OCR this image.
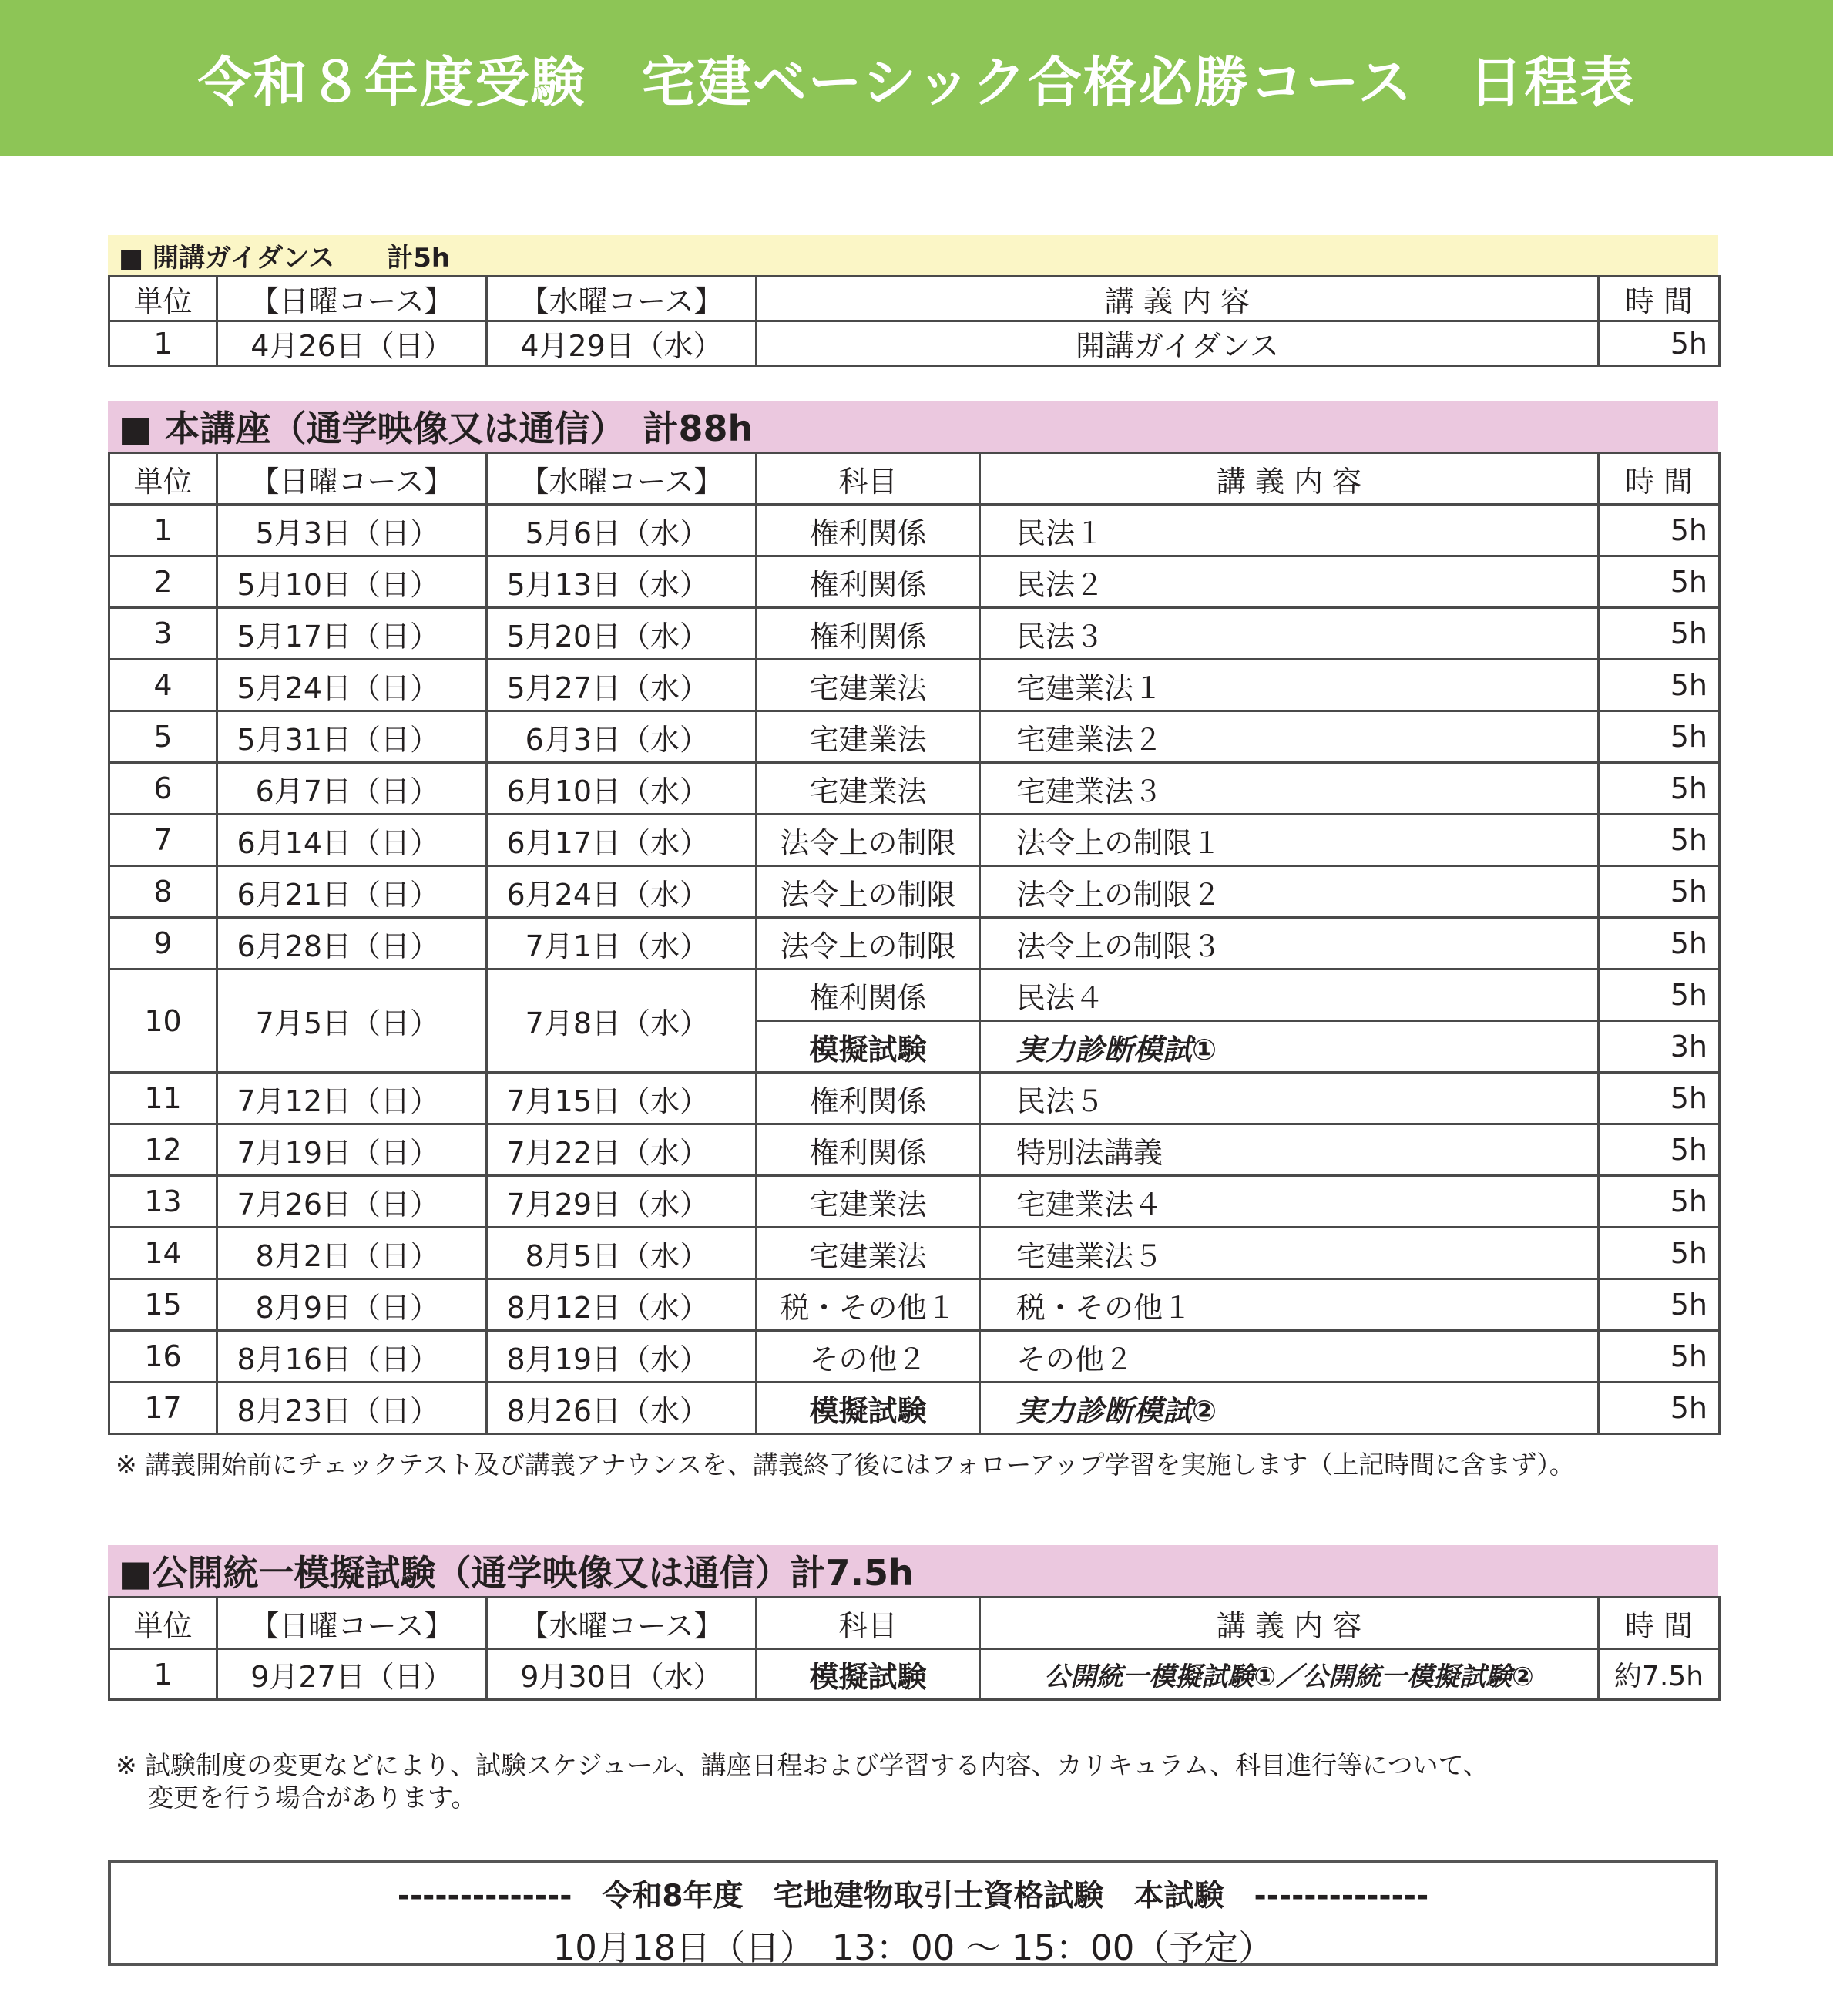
令和８年度受験　宅建ベーシック合格必勝コース　日程表
■ 開講ガイダンス　　計5h
単位	【日曜コース】	【水曜コース】	講 義 内 容	時 間
1	4月26日（日）	4月29日（水）	開講ガイダンス	5h
■ 本講座（通学映像又は通信）　計88h
単位	【日曜コース】	【水曜コース】	科目	講 義 内 容	時 間
1	5月3日（日）	5月6日（水）	権利関係	民法１	5h
2	5月10日（日）	5月13日（水）	権利関係	民法２	5h
3	5月17日（日）	5月20日（水）	権利関係	民法３	5h
4	5月24日（日）	5月27日（水）	宅建業法	宅建業法１	5h
5	5月31日（日）	6月3日（水）	宅建業法	宅建業法２	5h
6	6月7日（日）	6月10日（水）	宅建業法	宅建業法３	5h
7	6月14日（日）	6月17日（水）	法令上の制限	法令上の制限１	5h
8	6月21日（日）	6月24日（水）	法令上の制限	法令上の制限２	5h
9	6月28日（日）	7月1日（水）	法令上の制限	法令上の制限３	5h
10	7月5日（日）	7月8日（水）	権利関係	民法４	5h
			模擬試験	実力診断模試①	3h
11	7月12日（日）	7月15日（水）	権利関係	民法５	5h
12	7月19日（日）	7月22日（水）	権利関係	特別法講義	5h
13	7月26日（日）	7月29日（水）	宅建業法	宅建業法４	5h
14	8月2日（日）	8月5日（水）	宅建業法	宅建業法５	5h
15	8月9日（日）	8月12日（水）	税・その他１	税・その他１	5h
16	8月16日（日）	8月19日（水）	その他２	その他２	5h
17	8月23日（日）	8月26日（水）	模擬試験	実力診断模試②	5h
※ 講義開始前にチェックテスト及び講義アナウンスを、講義終了後にはフォローアップ学習を実施します（上記時間に含まず）。
■公開統一模擬試験（通学映像又は通信）計7.5h
単位	【日曜コース】	【水曜コース】	科目	講 義 内 容	時 間
1	9月27日（日）	9月30日（水）	模擬試験	公開統一模擬試験①／公開統一模擬試験②	約7.5h
※ 試験制度の変更などにより、試験スケジュール、講座日程および学習する内容、カリキュラム、科目進行等について、
変更を行う場合があります。
--------------　令和8年度　宅地建物取引士資格試験　本試験　--------------
10月18日（日）　13：00 ～ 15：00（予定）
